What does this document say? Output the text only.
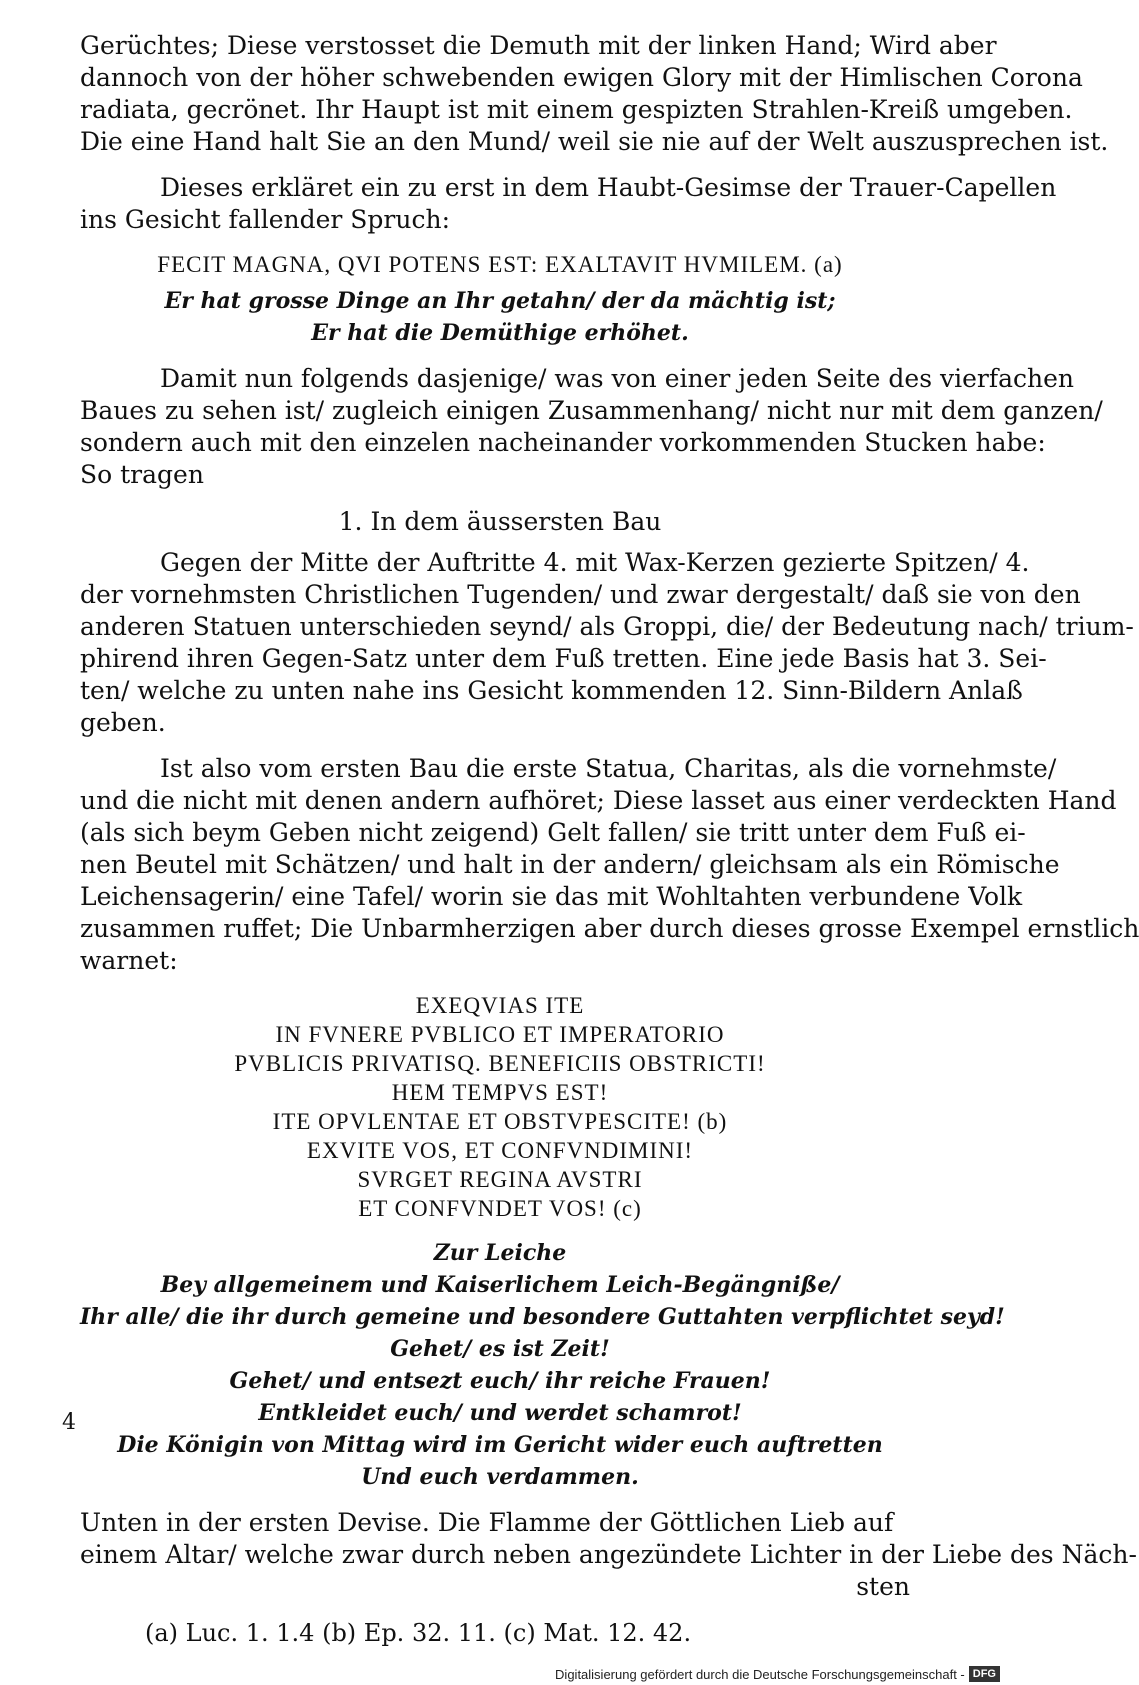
Gerüchtes; Diese verstosset die Demuth mit der linken Hand; Wird aber
dannoch von der höher schwebenden ewigen Glory mit der Himlischen Corona
radiata, gecrönet. Ihr Haupt ist mit einem gespizten Strahlen-Kreiß umgeben.
Die eine Hand halt Sie an den Mund/ weil sie nie auf der Welt auszusprechen ist.
Dieses erkläret ein zu erst in dem Haubt-Gesimse der Trauer-Capellen
ins Gesicht fallender Spruch:
FECIT MAGNA, QVI POTENS EST: EXALTAVIT HVMILEM. (a)
Er hat grosse Dinge an Ihr getahn/ der da mächtig ist;
Er hat die Demüthige erhöhet.
Damit nun folgends dasjenige/ was von einer jeden Seite des vierfachen
Baues zu sehen ist/ zugleich einigen Zusammenhang/ nicht nur mit dem ganzen/
sondern auch mit den einzelen nacheinander vorkommenden Stucken habe:
So tragen
1. In dem äussersten Bau
Gegen der Mitte der Auftritte 4. mit Wax-Kerzen gezierte Spitzen/ 4.
der vornehmsten Christlichen Tugenden/ und zwar dergestalt/ daß sie von den
anderen Statuen unterschieden seynd/ als Groppi, die/ der Bedeutung nach/ trium-
phirend ihren Gegen-Satz unter dem Fuß tretten. Eine jede Basis hat 3. Sei-
ten/ welche zu unten nahe ins Gesicht kommenden 12. Sinn-Bildern Anlaß
geben.
Ist also vom ersten Bau die erste Statua, Charitas, als die vornehmste/
und die nicht mit denen andern aufhöret; Diese lasset aus einer verdeckten Hand
(als sich beym Geben nicht zeigend) Gelt fallen/ sie tritt unter dem Fuß ei-
nen Beutel mit Schätzen/ und halt in der andern/ gleichsam als ein Römische
Leichensagerin/ eine Tafel/ worin sie das mit Wohltahten verbundene Volk
zusammen ruffet; Die Unbarmherzigen aber durch dieses grosse Exempel ernstlich
warnet:
EXEQVIAS ITE
IN FVNERE PVBLICO ET IMPERATORIO
PVBLICIS PRIVATISQ. BENEFICIIS OBSTRICTI!
HEM TEMPVS EST!
ITE OPVLENTAE ET OBSTVPESCITE! (b)
EXVITE VOS, ET CONFVNDIMINI!
SVRGET REGINA AVSTRI
ET CONFVNDET VOS! (c)
Zur Leiche
Bey allgemeinem und Kaiserlichem Leich-Begängniße/
Ihr alle/ die ihr durch gemeine und besondere Guttahten verpflichtet seyd!
Gehet/ es ist Zeit!
Gehet/ und entsezt euch/ ihr reiche Frauen!
Entkleidet euch/ und werdet schamrot!
Die Königin von Mittag wird im Gericht wider euch auftretten
Und euch verdammen.
Unten in der ersten Devise. Die Flamme der Göttlichen Lieb auf
einem Altar/ welche zwar durch neben angezündete Lichter in der Liebe des Näch-
sten
(a) Luc. 1. 1.4 (b) Ep. 32. 11. (c) Mat. 12. 42.
4
Digitalisierung gefördert durch die Deutsche Forschungsgemeinschaft - DFG
